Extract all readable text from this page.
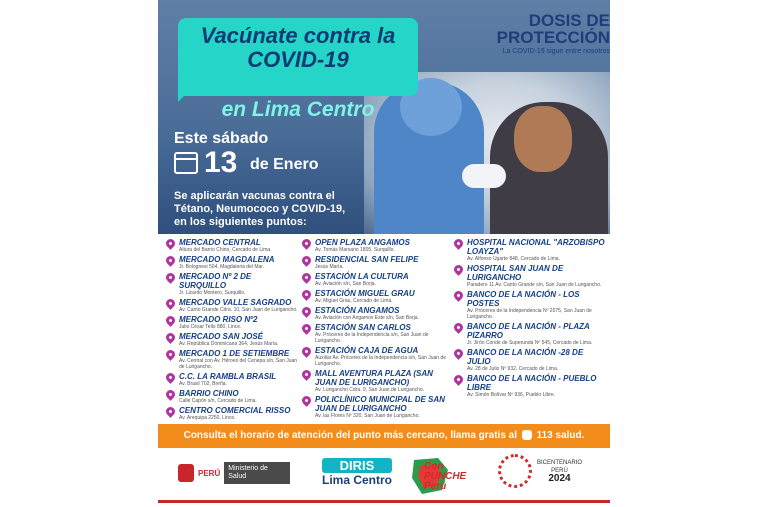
Vacúnate contra la
COVID-19
en Lima Centro
Este sábado
13 de Enero
Se aplicarán vacunas contra el
Tétano, Neumococo y COVID-19,
en los siguientes puntos:
DOSIS DE
PROTECCIÓN
La COVID-19 sigue entre nosotros
MERCADO CENTRAL
Altura del Barrio Chino, Cercado de Lima.
MERCADO MAGDALENA
Jr. Bolognesi 504, Magdalena del Mar.
MERCADO Nº 2 DE SURQUILLO
Jr. Lizardo Montero, Surquillo.
MERCADO VALLE SAGRADO
Av. Canto Grande Cdra. 10, San Juan de Lurigancho.
MERCADO RISO Nº2
Julio César Tello 880, Lince.
MERCADO SAN JOSÉ
Av. República Dominicana 364, Jesús María.
MERCADO 1 DE SETIEMBRE
Av. Central con Av. Héroes del Cenepa s/n, San Juan de Lurigancho.
C.C. LA RAMBLA BRASIL
Av. Brasil 702, Breña.
BARRIO CHINO
Calle Capón s/n, Cercado de Lima.
CENTRO COMERCIAL RISSO
Av. Arequipa 2250, Lince.
OPEN PLAZA ANGAMOS
Av. Tomás Marsano 1805, Surquillo.
RESIDENCIAL SAN FELIPE
Jesús María.
ESTACIÓN LA CULTURA
Av. Aviación s/n, San Borja.
ESTACIÓN MIGUEL GRAU
Av. Miguel Grau, Cercado de Lima.
ESTACIÓN ANGAMOS
Av. Aviación con Angamos Este s/n, San Borja.
ESTACIÓN SAN CARLOS
Av. Próceres de la Independencia s/n, San Juan de Lurigancho.
ESTACIÓN CAJA DE AGUA
Auxiliar Av. Próceres de la Independencia s/n, San Juan de Lurigancho.
MALL AVENTURA PLAZA (SAN JUAN DE LURIGANCHO)
Av. Lurigancho Cdra. 9, San Juan de Lurigancho.
POLICLÍNICO MUNICIPAL DE SAN JUAN DE LURIGANCHO
Av. las Flores Nº 320, San Juan de Lurigancho.
HOSPITAL NACIONAL "ARZOBISPO LOAYZA"
Av. Alfonso Ugarte 848, Cercado de Lima.
HOSPITAL SAN JUAN DE LURIGANCHO
Paradero 11 Av. Canto Grande s/n, San Juan de Lurigancho.
BANCO DE LA NACIÓN - LOS POSTES
Av. Próceres de la Independencia Nº 2075, San Juan de Lurigancho.
BANCO DE LA NACIÓN - PLAZA PIZARRO
Jr. Jirón Conde de Superunda Nº 545, Cercado de Lima.
BANCO DE LA NACIÓN -28 DE JULIO
Av. 28 de Julio Nº 932, Cercado de Lima.
BANCO DE LA NACIÓN - PUEBLO LIBRE
Av. Simón Bolívar Nº 936, Pueblo Libre.
Consulta el horario de atención del punto más cercano, llama gratis al 113 salud.
PERÚ	Ministerio de Salud
DIRIS
Lima Centro
Con
PUNCHE
Perú
BICENTENARIO
PERÚ
2024
